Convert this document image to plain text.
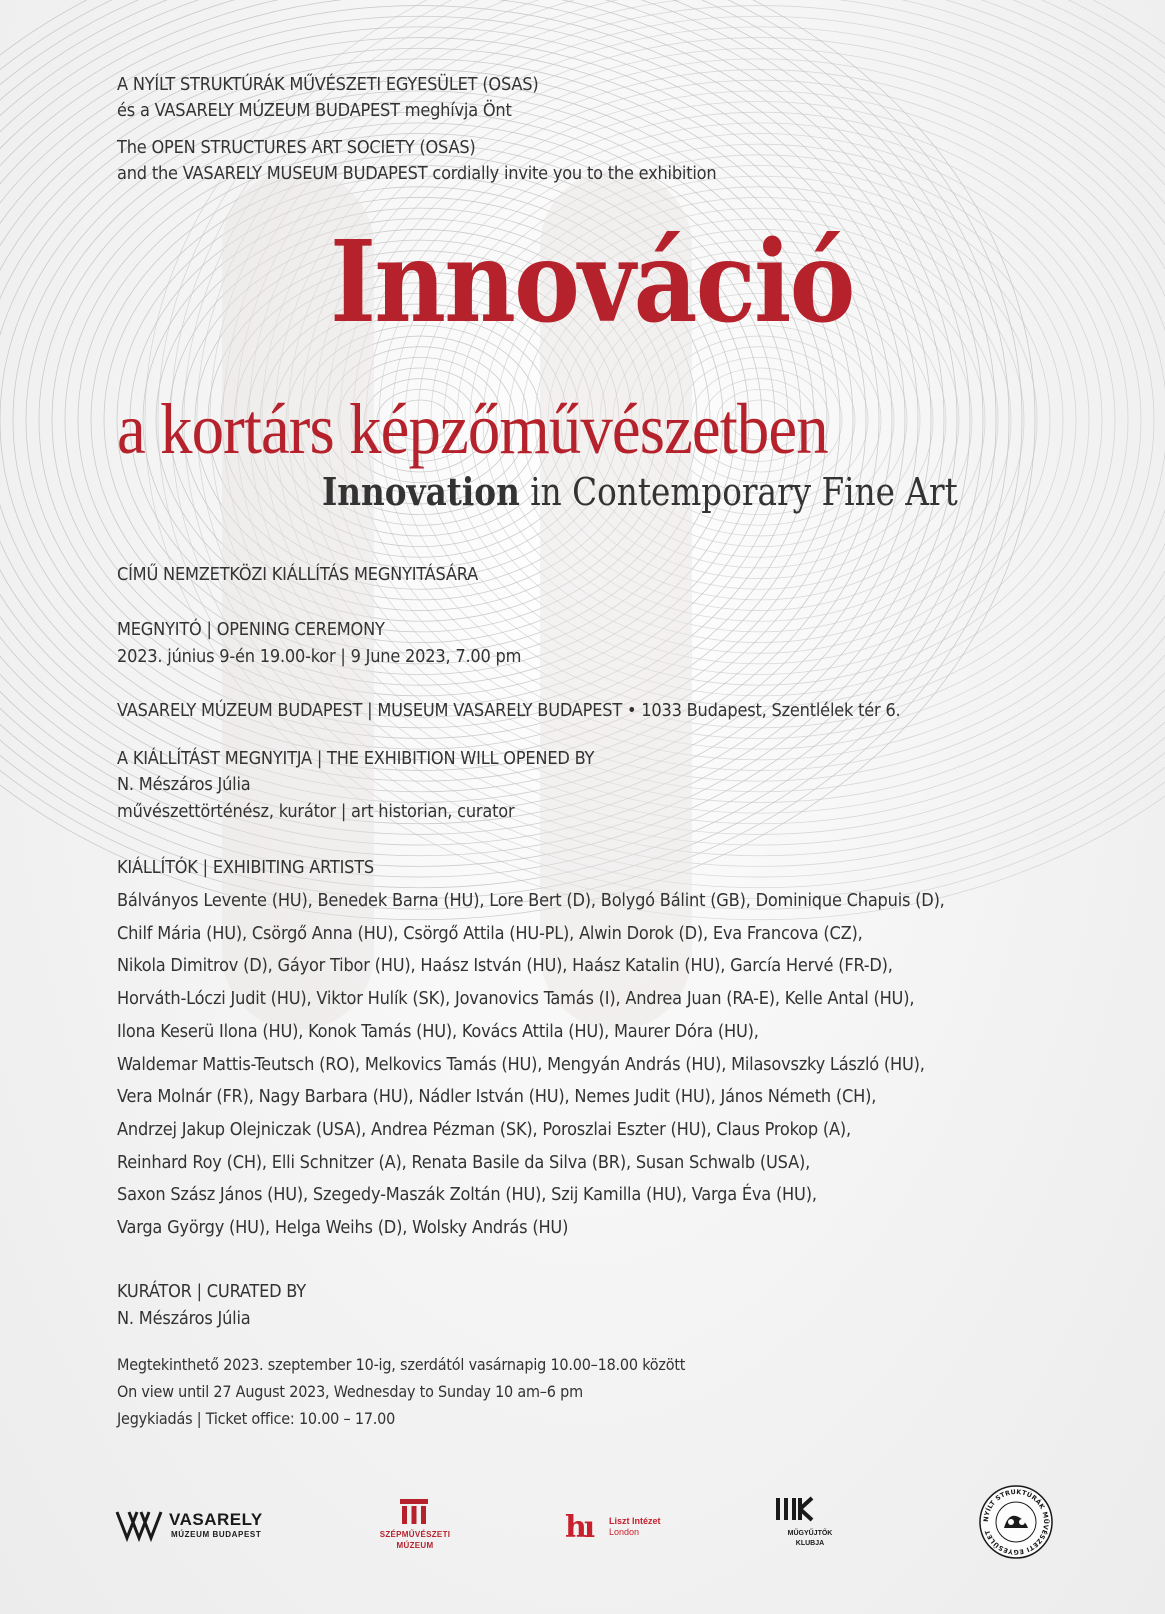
A NYÍLT STRUKTÚRÁK MŰVÉSZETI EGYESÜLET (OSAS)
és a VASARELY MÚZEUM BUDAPEST meghívja Önt
The OPEN STRUCTURES ART SOCIETY (OSAS)
and the VASARELY MUSEUM BUDAPEST cordially invite you to the exhibition
Innováció
a kortárs képzőművészetben
Innovation in Contemporary Fine Art
CÍMŰ NEMZETKÖZI KIÁLLÍTÁS MEGNYITÁSÁRA
MEGNYITÓ | OPENING CEREMONY
2023. június 9-én 19.00-kor | 9 June 2023, 7.00 pm
VASARELY MÚZEUM BUDAPEST | MUSEUM VASARELY BUDAPEST • 1033 Budapest, Szentlélek tér 6.
A KIÁLLÍTÁST MEGNYITJA | THE EXHIBITION WILL OPENED BY
N. Mészáros Júlia
művészettörténész, kurátor | art historian, curator
KIÁLLÍTÓK | EXHIBITING ARTISTS
Bálványos Levente (HU), Benedek Barna (HU), Lore Bert (D), Bolygó Bálint (GB), Dominique Chapuis (D),
Chilf Mária (HU), Csörgő Anna (HU), Csörgő Attila (HU-PL), Alwin Dorok (D), Eva Francova (CZ),
Nikola Dimitrov (D), Gáyor Tibor (HU), Haász István (HU), Haász Katalin (HU), García Hervé (FR-D),
Horváth-Lóczi Judit (HU), Viktor Hulík (SK), Jovanovics Tamás (I), Andrea Juan (RA-E), Kelle Antal (HU),
Ilona Keserü Ilona (HU), Konok Tamás (HU), Kovács Attila (HU), Maurer Dóra (HU),
Waldemar Mattis-Teutsch (RO), Melkovics Tamás (HU), Mengyán András (HU), Milasovszky László (HU),
Vera Molnár (FR), Nagy Barbara (HU), Nádler István (HU), Nemes Judit (HU), János Németh (CH),
Andrzej Jakup Olejniczak (USA), Andrea Pézman (SK), Poroszlai Eszter (HU), Claus Prokop (A),
Reinhard Roy (CH), Elli Schnitzer (A), Renata Basile da Silva (BR), Susan Schwalb (USA),
Saxon Szász János (HU), Szegedy-Maszák Zoltán (HU), Szij Kamilla (HU), Varga Éva (HU),
Varga György (HU), Helga Weihs (D), Wolsky András (HU)
KURÁTOR | CURATED BY
N. Mészáros Júlia
Megtekinthető 2023. szeptember 10-ig, szerdától vasárnapig 10.00–18.00 között
On view until 27 August 2023, Wednesday to Sunday 10 am–6 pm
Jegykiadás | Ticket office: 10.00 – 17.00
VASARELY
MÚZEUM BUDAPEST	SZÉPMŰVÉSZETI
MÚZEUM
hı Liszt Intézet
London	MŰGYŰJTŐK
KLUBJA
NYÍLT STRUKTÚRÁK MŰVÉSZETI EGYESÜLET
